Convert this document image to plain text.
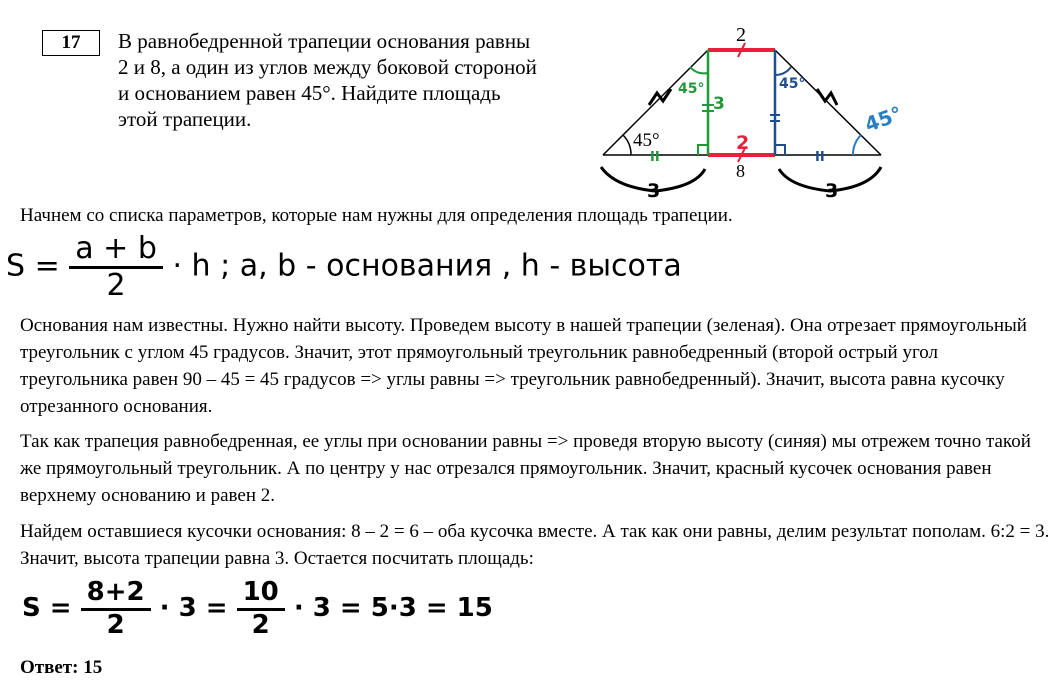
17	В равнобедренной трапеции основания равны
2 и 8, а один из углов между боковой стороной
и основанием равен 45°. Найдите площадь
этой трапеции.
II	II
2
8
45°
45°
45°	45°
3
2
3	3
Начнем со списка параметров, которые нам нужны для определения площадь трапеции.
$S = \frac{a + b}{2} \cdot h$ ; a, b - основания , h - высота
Основания нам известны. Нужно найти высоту. Проведем высоту в нашей трапеции (зеленая). Она отрезает прямоугольный треугольник с углом 45 градусов. Значит, этот прямоугольный треугольник равнобедренный (второй острый угол треугольника равен 90 – 45 = 45 градусов => углы равны => треугольник равнобедренный). Значит, высота равна кусочку отрезанного основания.
Так как трапеция равнобедренная, ее углы при основании равны => проведя вторую высоту (синяя) мы отрежем точно такой же прямоугольный треугольник. А по центру у нас отрезался прямоугольник. Значит, красный кусочек основания равен верхнему основанию и равен 2.
Найдем оставшиеся кусочки основания: 8 – 2 = 6 – оба кусочка вместе. А так как они равны, делим результат пополам. 6:2 = 3. Значит, высота трапеции равна 3. Остается посчитать площадь:
$S = \frac{8+2}{2} \cdot 3 = \frac{10}{2} \cdot 3 = 5\cdot 3 = 15$
Ответ: 15
